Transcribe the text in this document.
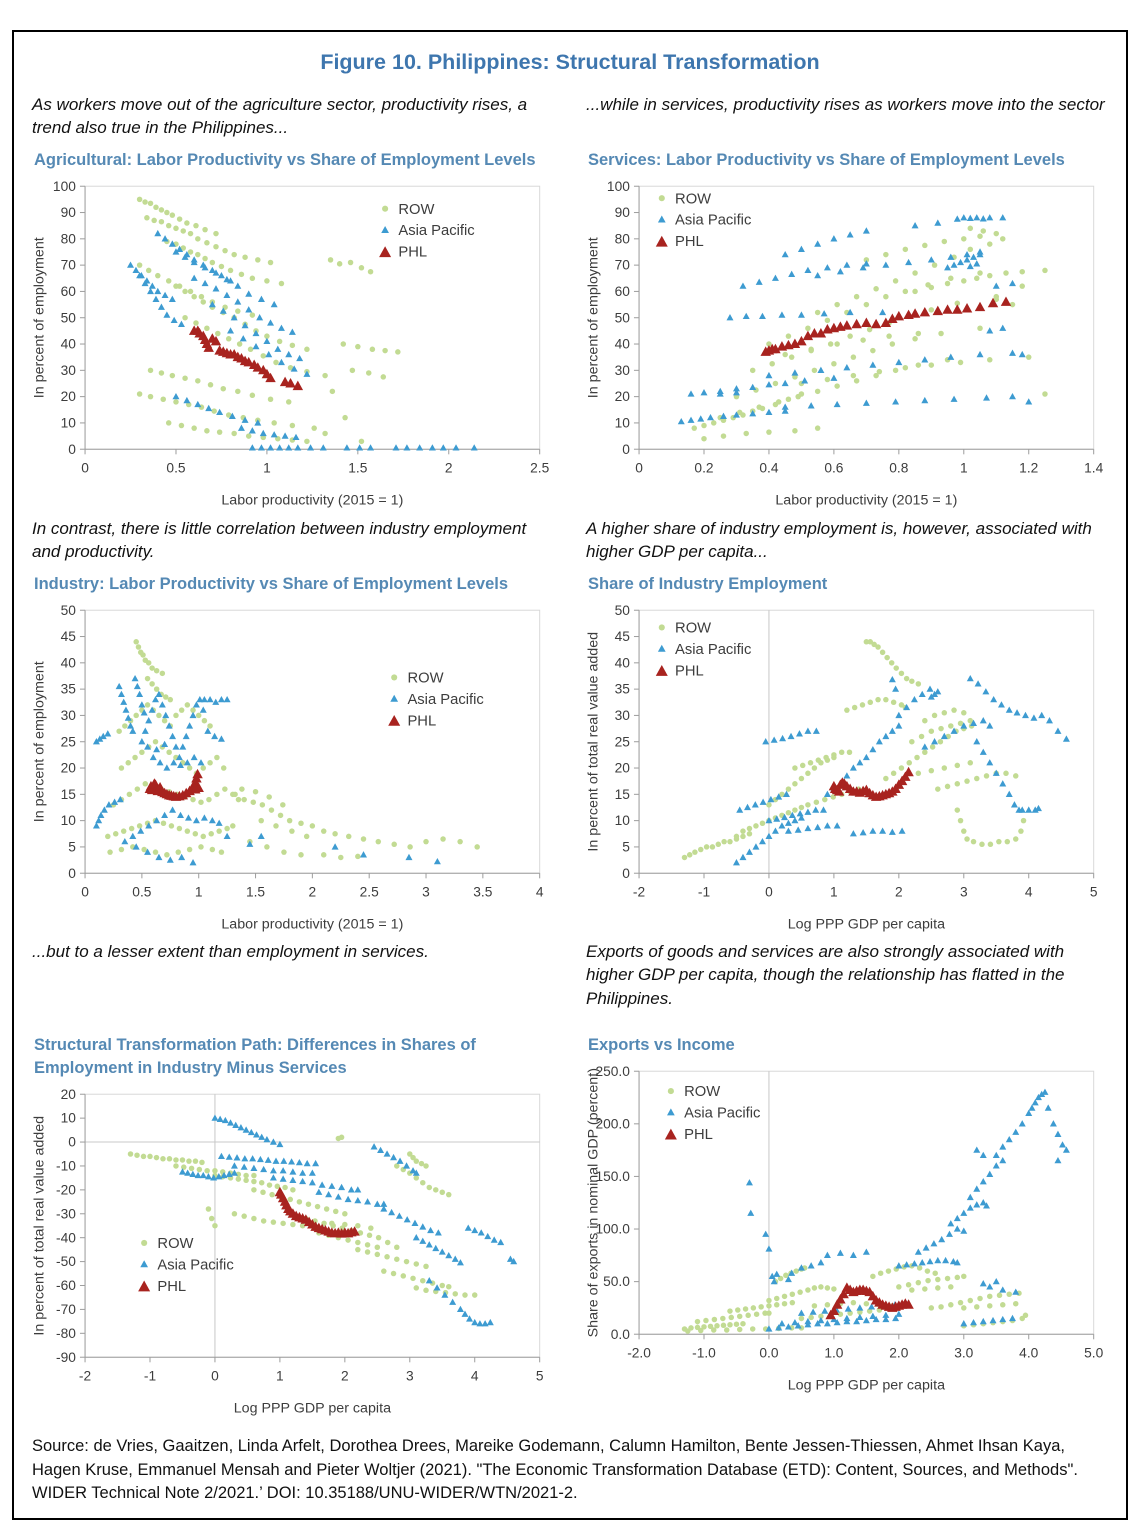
Figure 10. Philippines: Structural Transformation

As workers move out of the agriculture sector, productivity rises, a trend also true in the Philippines...

Agricultural: Labor Productivity vs Share of Employment Levels
0	0.5	1	1.5	2	2.5
0
10
20
30
40
50
60
70
80
90
100
Labor productivity (2015 = 1)
In percent of employment
ROW
Asia Pacific
PHL

...while in services, productivity rises as workers move into the sector

Services: Labor Productivity vs Share of Employment Levels
0	0.2	0.4	0.6	0.8	1	1.2	1.4
0
10
20
30
40
50
60
70
80
90
100
Labor productivity (2015 = 1)
In percent of employment
ROW
Asia Pacific
PHL

In contrast, there is little correlation between industry employment and productivity.

Industry: Labor Productivity vs Share of Employment Levels
0	0.5	1	1.5	2	2.5	3	3.5	4
0
5
10
15
20
25
30
35
40
45
50
Labor productivity (2015 = 1)
In percent of employment	ROW
Asia Pacific
PHL

A higher share of industry employment is, however, associated with higher GDP per capita...

Share of Industry Employment
-2	-1	0	1	2	3	4	5
0
5
10
15
20
25
30
35
40
45
50
Log PPP GDP per capita
In percent of total real value added
ROW
Asia Pacific
PHL

...but to a lesser extent than employment in services.

Structural Transformation Path: Differences in Shares of Employment in Industry Minus Services
-2	-1	0	1	2	3	4	5
-90
-80
-70
-60
-50
-40
-30
-20
-10
0
10
20
Log PPP GDP per capita
In percent of total real value added	ROW
Asia Pacific
PHL

Exports of goods and services are also strongly associated with higher GDP per capita, though the relationship has flatted in the Philippines.

Exports vs Income
-2.0	-1.0	0.0	1.0	2.0	3.0	4.0	5.0
0.0
50.0
100.0
150.0
200.0
250.0
Log PPP GDP per capita
Share of exports in nominal GDP (percent)	ROW
Asia Pacific
PHL

Source: de Vries, Gaaitzen, Linda Arfelt, Dorothea Drees, Mareike Godemann, Calumn Hamilton, Bente Jessen-Thiessen, Ahmet Ihsan Kaya, Hagen Kruse, Emmanuel Mensah and Pieter Woltjer (2021). "The Economic Transformation Database (ETD): Content, Sources, and Methods". WIDER Technical Note 2/2021.’ DOI: 10.35188/UNU-WIDER/WTN/2021-2.
